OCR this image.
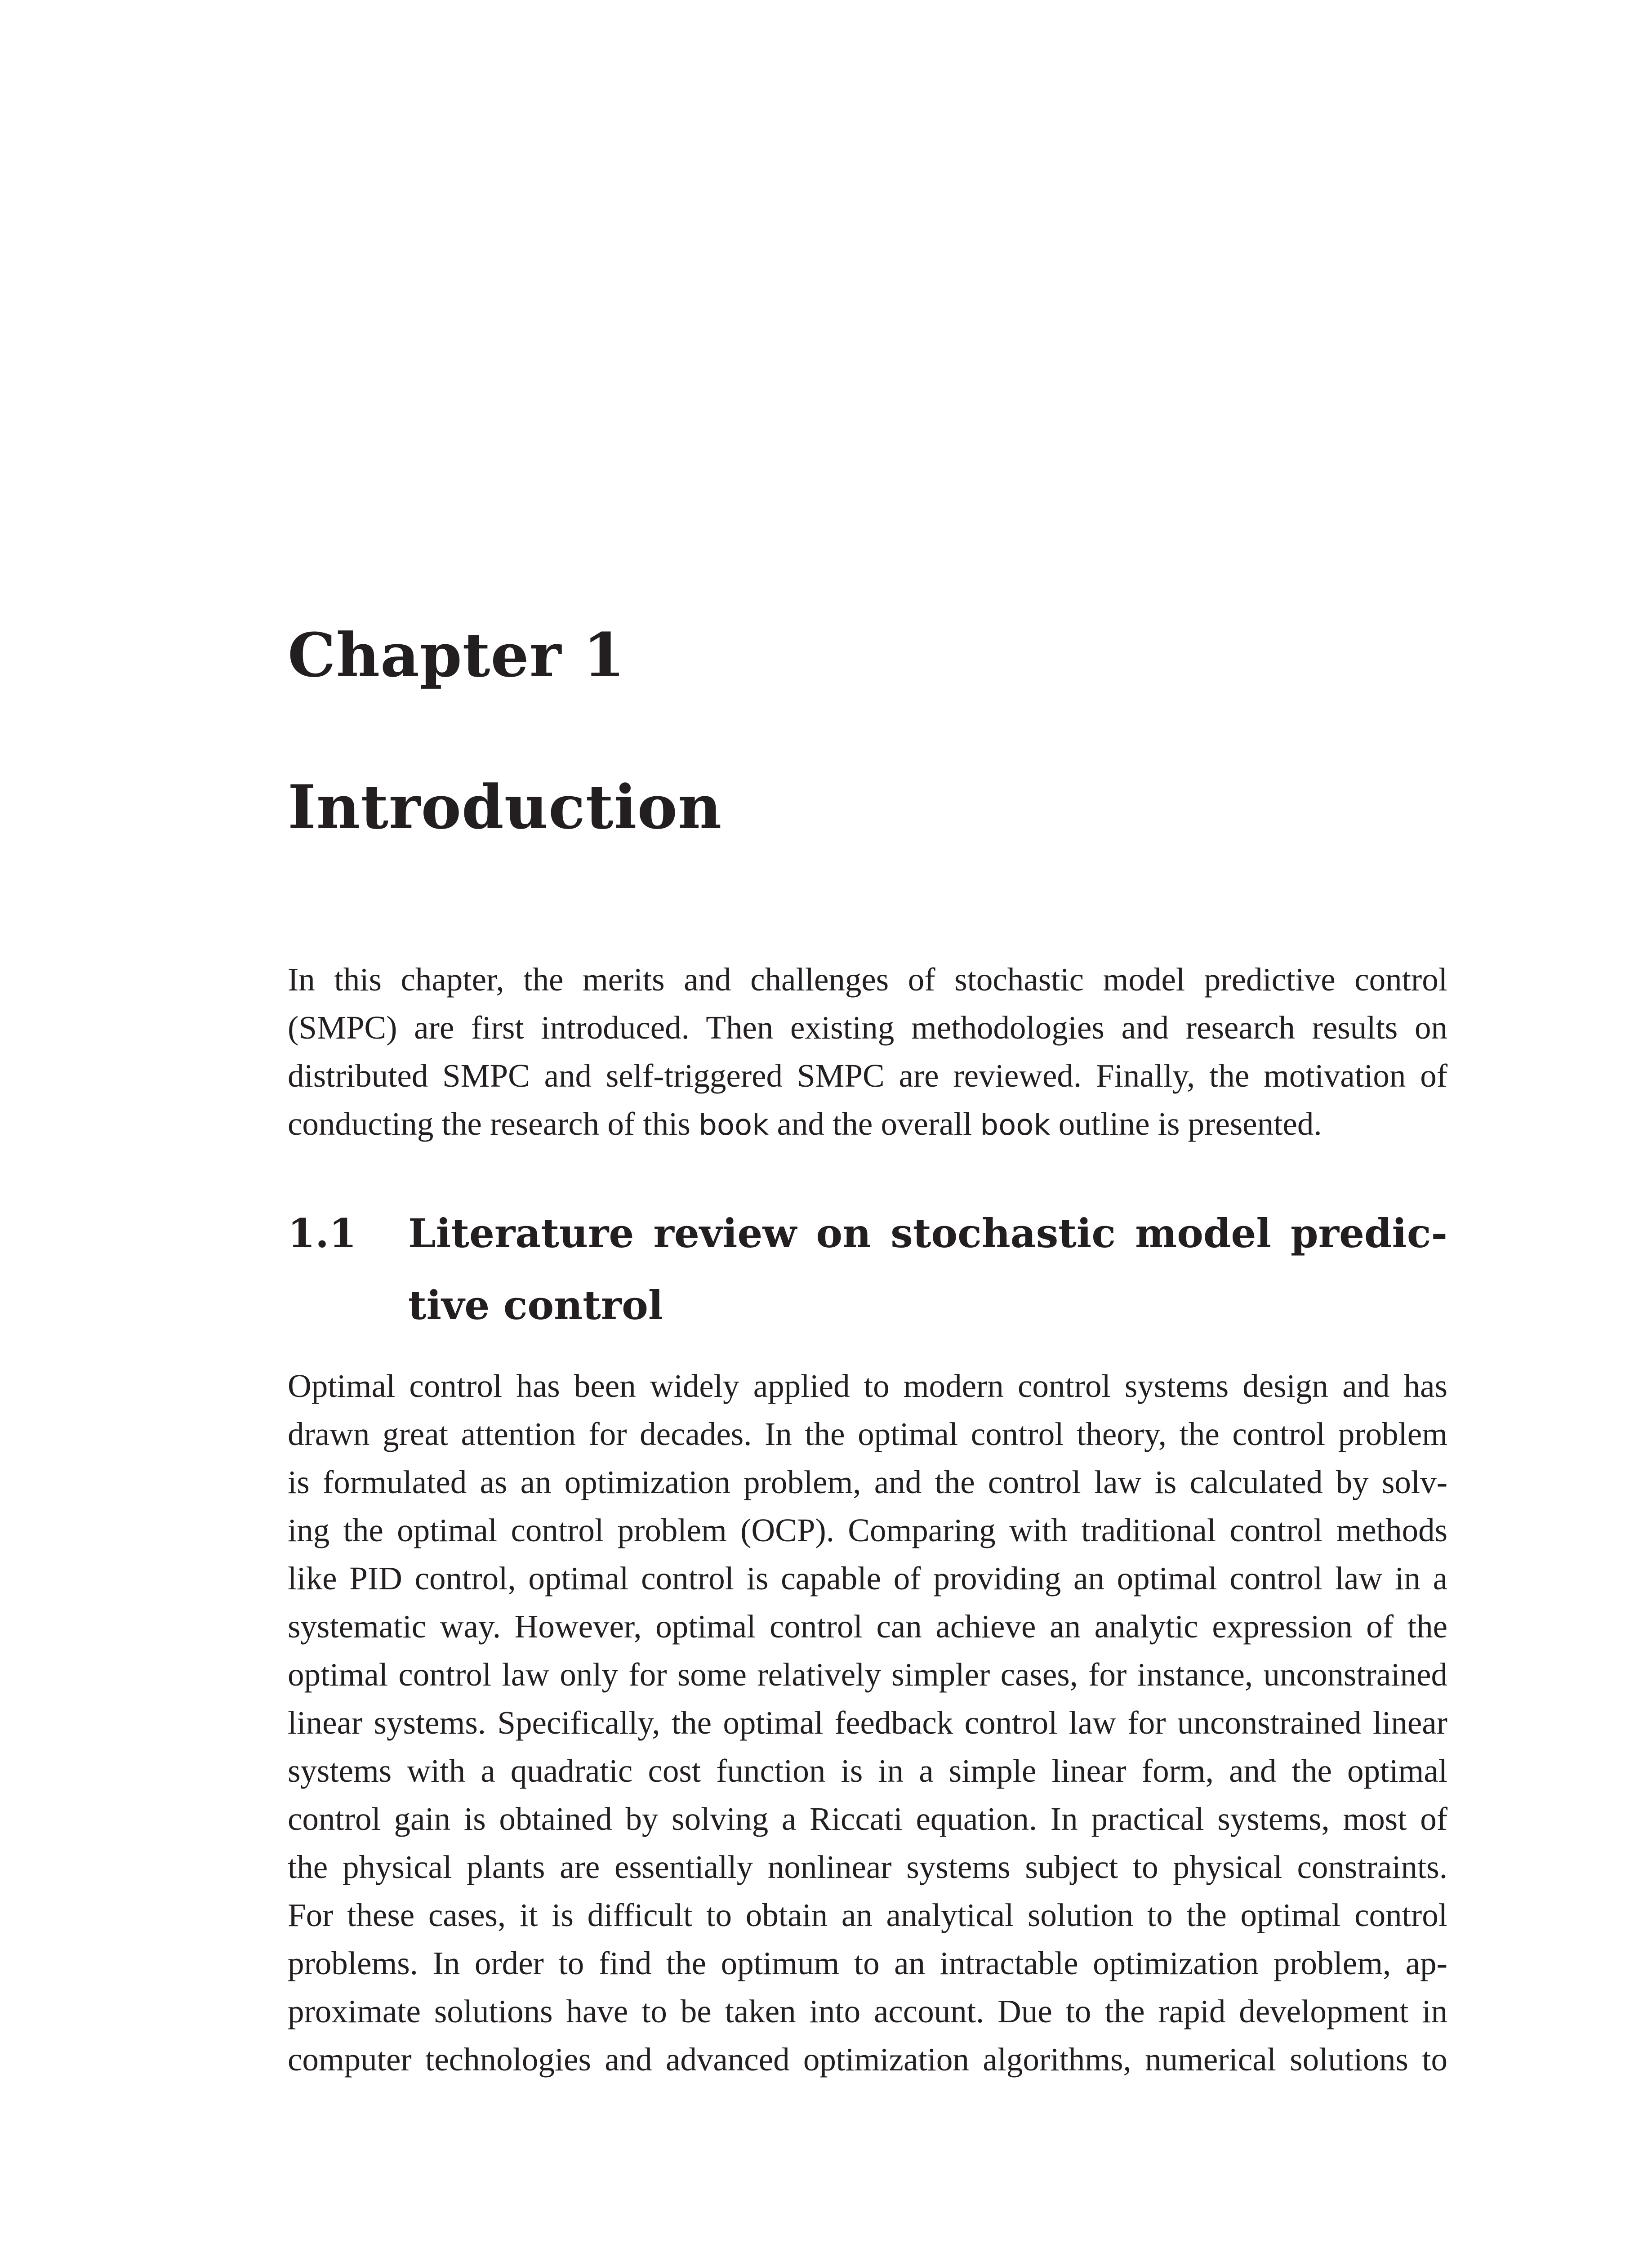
Chapter 1
Introduction
In this chapter, the merits and challenges of stochastic model predictive control
(SMPC) are first introduced. Then existing methodologies and research results on
distributed SMPC and self-triggered SMPC are reviewed. Finally, the motivation of
conducting the research of this book and the overall book outline is presented.
1.1	Literature review on stochastic model predic-
tive control
Optimal control has been widely applied to modern control systems design and has
drawn great attention for decades. In the optimal control theory, the control problem
is formulated as an optimization problem, and the control law is calculated by solv-
ing the optimal control problem (OCP). Comparing with traditional control methods
like PID control, optimal control is capable of providing an optimal control law in a
systematic way. However, optimal control can achieve an analytic expression of the
optimal control law only for some relatively simpler cases, for instance, unconstrained
linear systems. Specifically, the optimal feedback control law for unconstrained linear
systems with a quadratic cost function is in a simple linear form, and the optimal
control gain is obtained by solving a Riccati equation. In practical systems, most of
the physical plants are essentially nonlinear systems subject to physical constraints.
For these cases, it is difficult to obtain an analytical solution to the optimal control
problems. In order to find the optimum to an intractable optimization problem, ap-
proximate solutions have to be taken into account. Due to the rapid development in
computer technologies and advanced optimization algorithms, numerical solutions to
